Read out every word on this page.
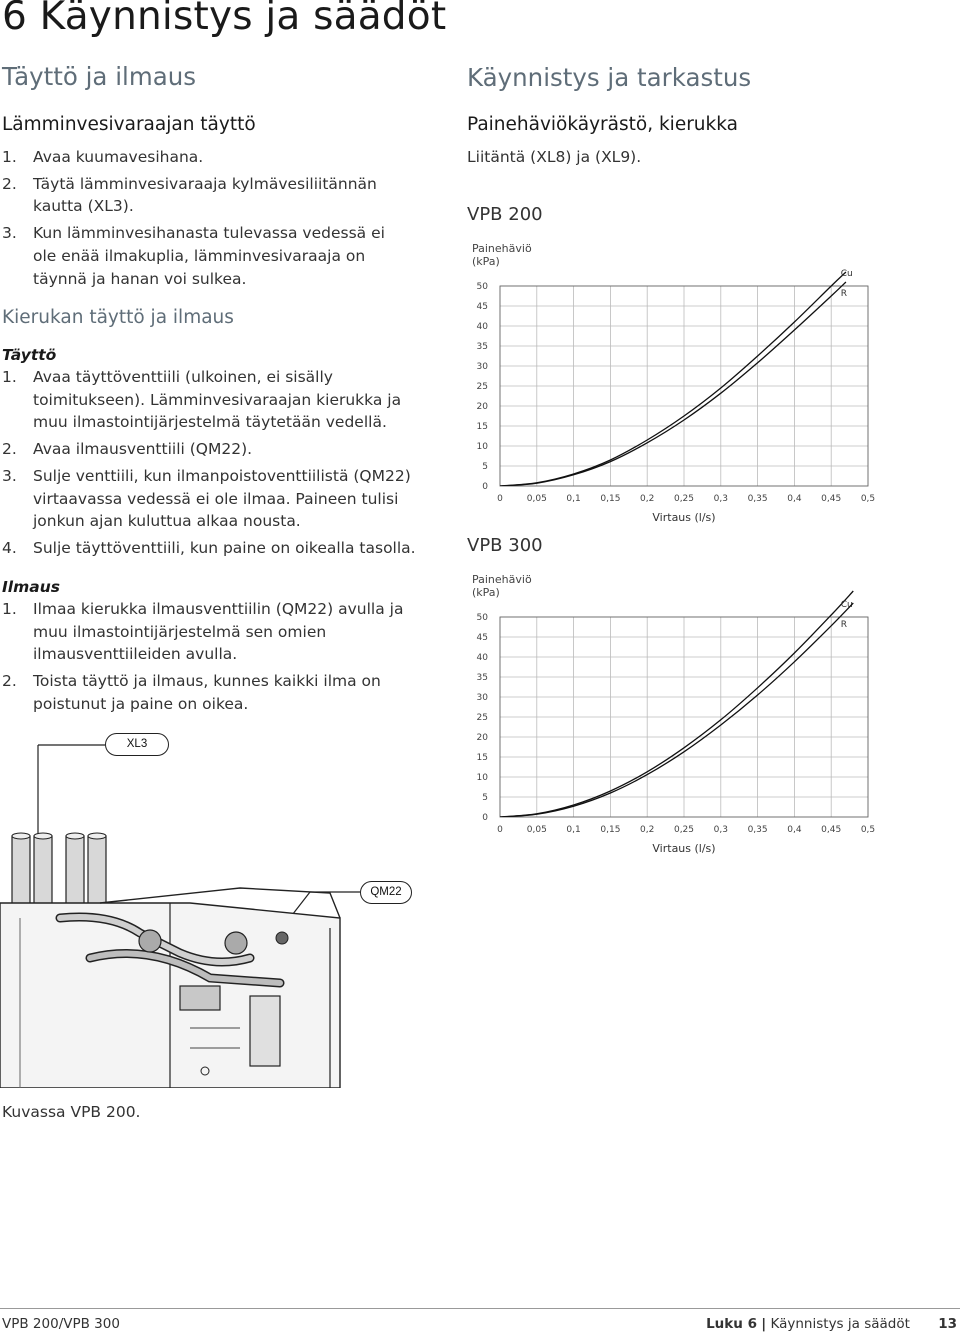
6 Käynnistys ja säädöt
Täyttö ja ilmaus
Lämminvesivaraajan täyttö
1. Avaa kuumavesihana.
2. Täytä lämminvesivaraaja kylmävesiliitännän kautta (XL3).
3. Kun lämminvesihanasta tulevassa vedessä ei ole enää ilmakuplia, lämminvesivaraaja on täynnä ja hanan voi sulkea.
Kierukan täyttö ja ilmaus
Täyttö
1. Avaa täyttöventtiili (ulkoinen, ei sisälly toimitukseen). Lämminvesivaraajan kierukka ja muu ilmastointijärjestelmä täytetään vedellä.
2. Avaa ilmausventtiili (QM22).
3. Sulje venttiili, kun ilmanpoistoventtiilistä (QM22) virtaavassa vedessä ei ole ilmaa. Paineen tulisi jonkun ajan kuluttua alkaa nousta.
4. Sulje täyttöventtiili, kun paine on oikealla tasolla.
Ilmaus
1. Ilmaa kierukka ilmausventtiilin (QM22) avulla ja muu ilmastointijärjestelmä sen omien ilmausventtiileiden avulla.
2. Toista täyttö ja ilmaus, kunnes kaikki ilma on poistunut ja paine on oikea.
XL3
QM22
Kuvassa VPB 200.
Käynnistys ja tarkastus
Painehäviökäyrästö, kierukka
Liitäntä (XL8) ja (XL9).
VPB 200
Painehäviö (kPa)
0	0,05 0,1 0,15 0,2 0,25 0,3 0,35 0,4 0,45 0,5
0
5
10
15
20
25
30
35
40
45
50
Cu
R
Virtaus (l/s)
VPB 300
Painehäviö (kPa)
0	0,05 0,1 0,15 0,2 0,25 0,3 0,35 0,4 0,45 0,5
0
5
10
15
20
25
30
35
40
45
50
Cu
R
Virtaus (l/s)
VPB 200/VPB 300	Luku 6 | Käynnistys ja säädöt 13
